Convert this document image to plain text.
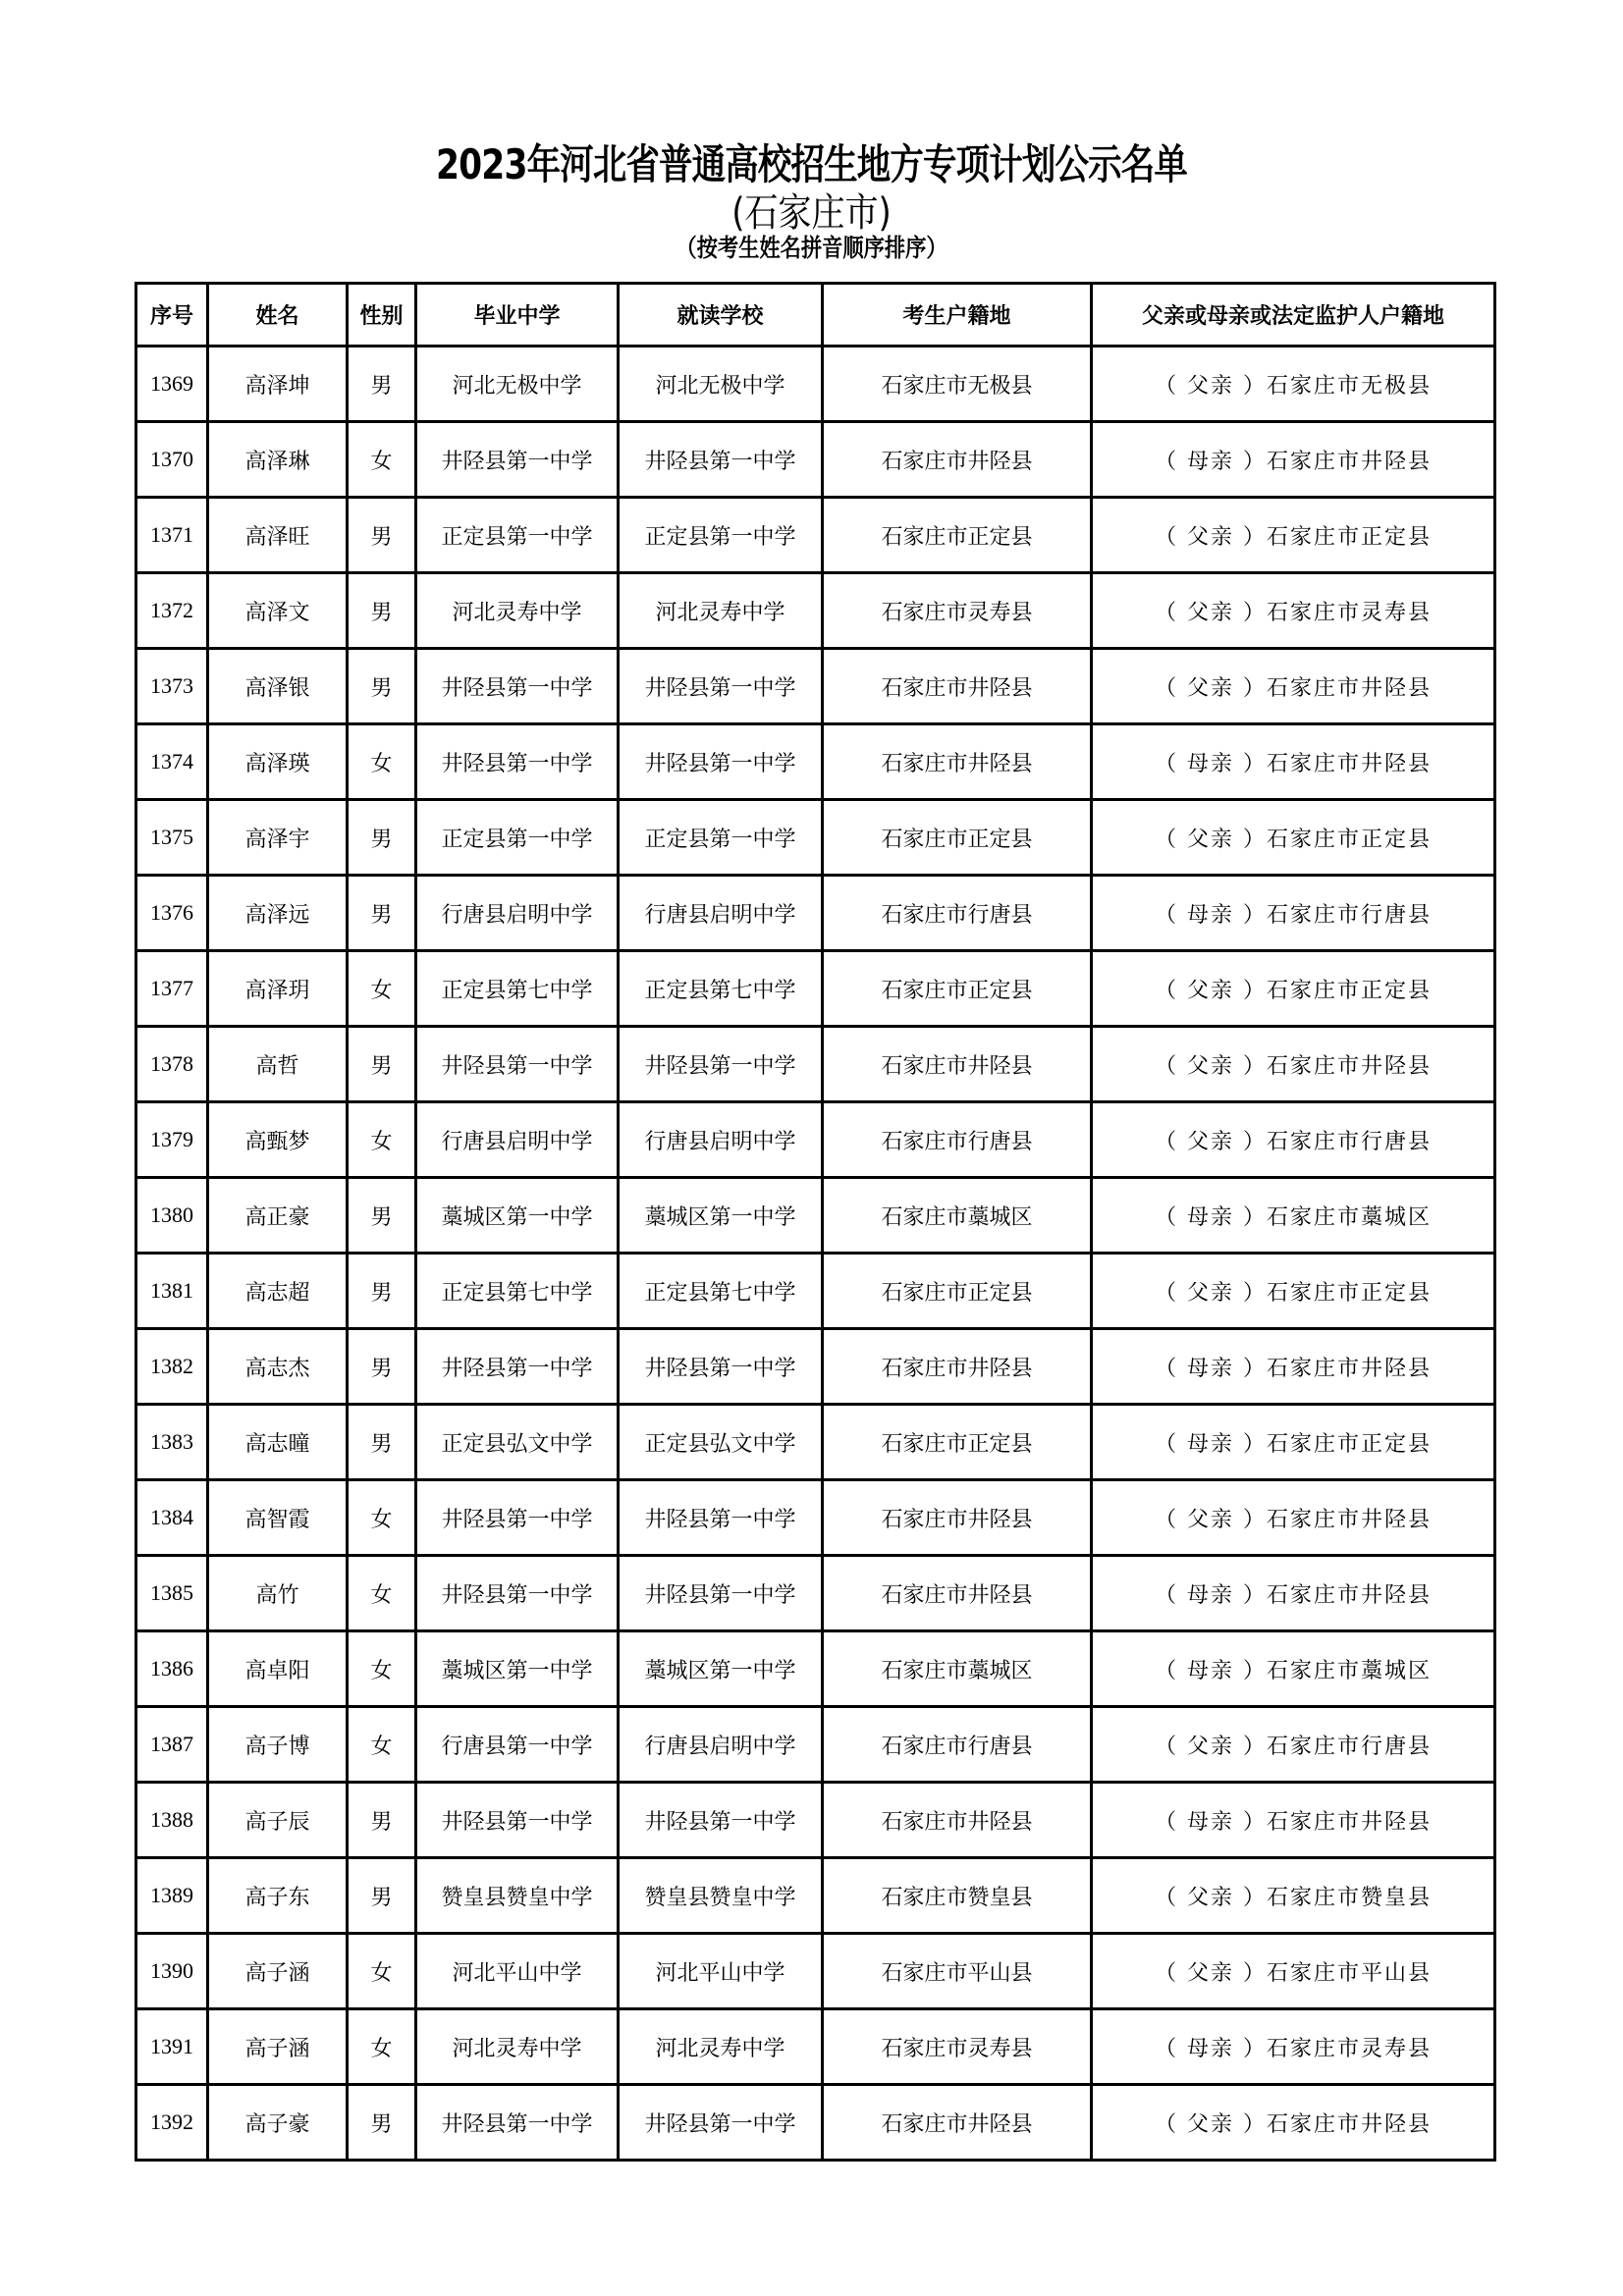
2023年河北省普通高校招生地方专项计划公示名单
(石家庄市)
（按考生姓名拼音顺序排序）
序号	姓名	性别	毕业中学	就读学校	考生户籍地	父亲或母亲或法定监护人户籍地
1369	高泽坤	男	河北无极中学	河北无极中学	石家庄市无极县	（ 父亲 ）石家庄市无极县
1370	高泽琳	女	井陉县第一中学	井陉县第一中学	石家庄市井陉县	（ 母亲 ）石家庄市井陉县
1371	高泽旺	男	正定县第一中学	正定县第一中学	石家庄市正定县	（ 父亲 ）石家庄市正定县
1372	高泽文	男	河北灵寿中学	河北灵寿中学	石家庄市灵寿县	（ 父亲 ）石家庄市灵寿县
1373	高泽银	男	井陉县第一中学	井陉县第一中学	石家庄市井陉县	（ 父亲 ）石家庄市井陉县
1374	高泽瑛	女	井陉县第一中学	井陉县第一中学	石家庄市井陉县	（ 母亲 ）石家庄市井陉县
1375	高泽宇	男	正定县第一中学	正定县第一中学	石家庄市正定县	（ 父亲 ）石家庄市正定县
1376	高泽远	男	行唐县启明中学	行唐县启明中学	石家庄市行唐县	（ 母亲 ）石家庄市行唐县
1377	高泽玥	女	正定县第七中学	正定县第七中学	石家庄市正定县	（ 父亲 ）石家庄市正定县
1378	高哲	男	井陉县第一中学	井陉县第一中学	石家庄市井陉县	（ 父亲 ）石家庄市井陉县
1379	高甄梦	女	行唐县启明中学	行唐县启明中学	石家庄市行唐县	（ 父亲 ）石家庄市行唐县
1380	高正豪	男	藁城区第一中学	藁城区第一中学	石家庄市藁城区	（ 母亲 ）石家庄市藁城区
1381	高志超	男	正定县第七中学	正定县第七中学	石家庄市正定县	（ 父亲 ）石家庄市正定县
1382	高志杰	男	井陉县第一中学	井陉县第一中学	石家庄市井陉县	（ 母亲 ）石家庄市井陉县
1383	高志曈	男	正定县弘文中学	正定县弘文中学	石家庄市正定县	（ 母亲 ）石家庄市正定县
1384	高智霞	女	井陉县第一中学	井陉县第一中学	石家庄市井陉县	（ 父亲 ）石家庄市井陉县
1385	高竹	女	井陉县第一中学	井陉县第一中学	石家庄市井陉县	（ 母亲 ）石家庄市井陉县
1386	高卓阳	女	藁城区第一中学	藁城区第一中学	石家庄市藁城区	（ 母亲 ）石家庄市藁城区
1387	高子博	女	行唐县第一中学	行唐县启明中学	石家庄市行唐县	（ 父亲 ）石家庄市行唐县
1388	高子辰	男	井陉县第一中学	井陉县第一中学	石家庄市井陉县	（ 母亲 ）石家庄市井陉县
1389	高子东	男	赞皇县赞皇中学	赞皇县赞皇中学	石家庄市赞皇县	（ 父亲 ）石家庄市赞皇县
1390	高子涵	女	河北平山中学	河北平山中学	石家庄市平山县	（ 父亲 ）石家庄市平山县
1391	高子涵	女	河北灵寿中学	河北灵寿中学	石家庄市灵寿县	（ 母亲 ）石家庄市灵寿县
1392	高子豪	男	井陉县第一中学	井陉县第一中学	石家庄市井陉县	（ 父亲 ）石家庄市井陉县
